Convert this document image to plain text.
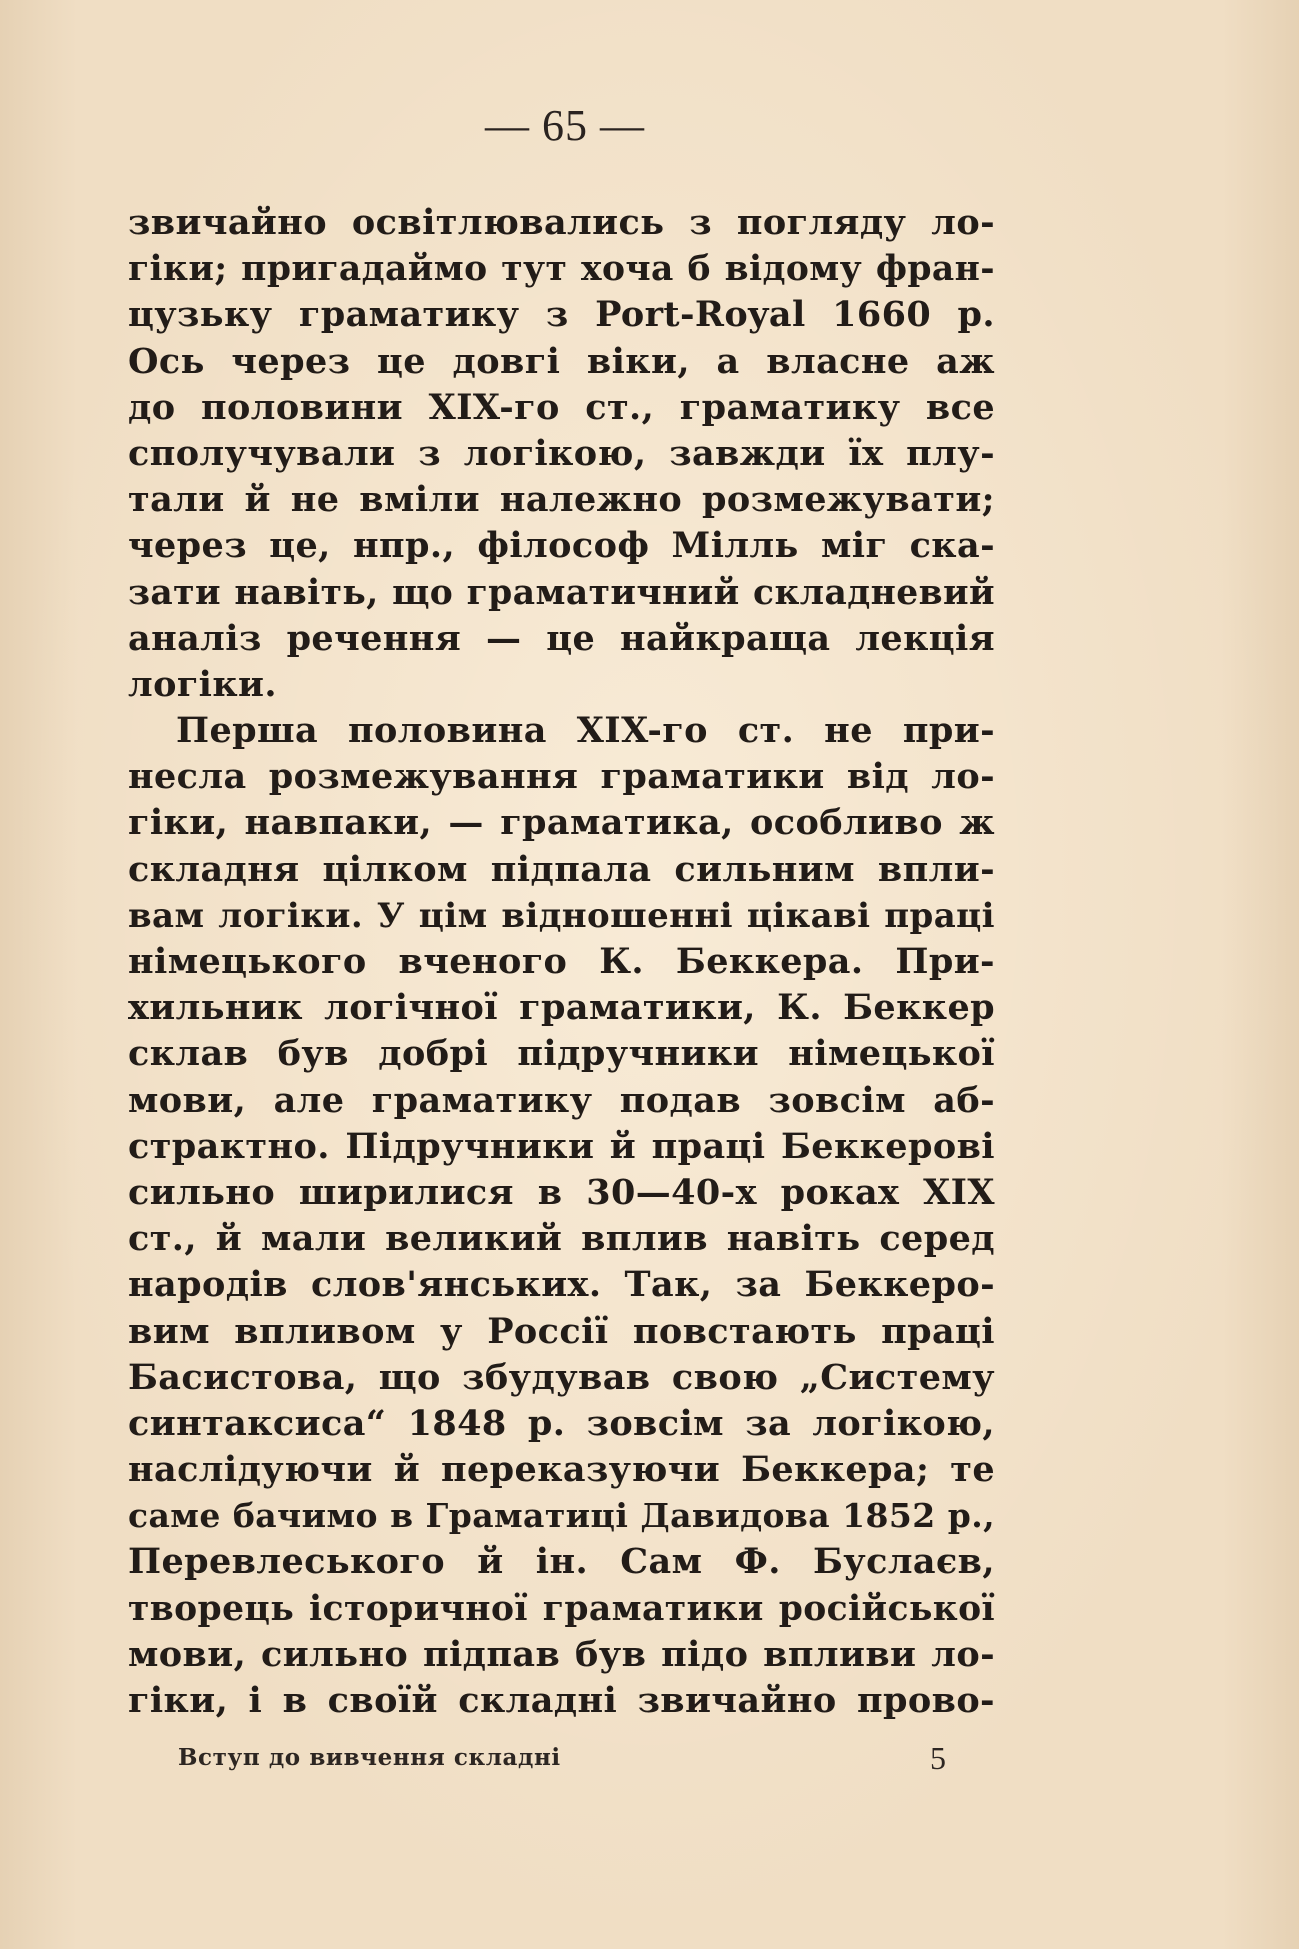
— 65 —
звичайно освітлювались з погляду ло-
гіки; пригадаймо тут хоча б відому фран-
цузьку граматику з Port-Royal 1660 р.
Ось через це довгі віки, а власне аж
до половини XIX-го ст., граматику все
сполучували з логікою, завжди їх плу-
тали й не вміли належно розмежувати;
через це, нпр., філософ Мілль міг ска-
зати навіть, що граматичний складневий
аналіз речення — це найкраща лекція
логіки.
Перша половина XIX-го ст. не при-
несла розмежування граматики від ло-
гіки, навпаки, — граматика, особливо ж
складня цілком підпала сильним впли-
вам логіки. У цім відношенні цікаві праці
німецького вченого К. Беккера. При-
хильник логічної граматики, К. Беккер
склав був добрі підручники німецької
мови, але граматику подав зовсім аб-
страктно. Підручники й праці Беккерові
сильно ширилися в 30—40-х роках XIX
ст., й мали великий вплив навіть серед
народів слов'янських. Так, за Беккеро-
вим впливом у Россії повстають праці
Басистова, що збудував свою „Систему
синтаксиса“ 1848 р. зовсім за логікою,
наслідуючи й переказуючи Беккера; те
саме бачимо в Граматиці Давидова 1852 р.,
Перевлеського й ін. Сам Ф. Буслаєв,
творець історичної граматики російської
мови, сильно підпав був підо впливи ло-
гіки, і в своїй складні звичайно прово-
Вступ до вивчення складні	5
